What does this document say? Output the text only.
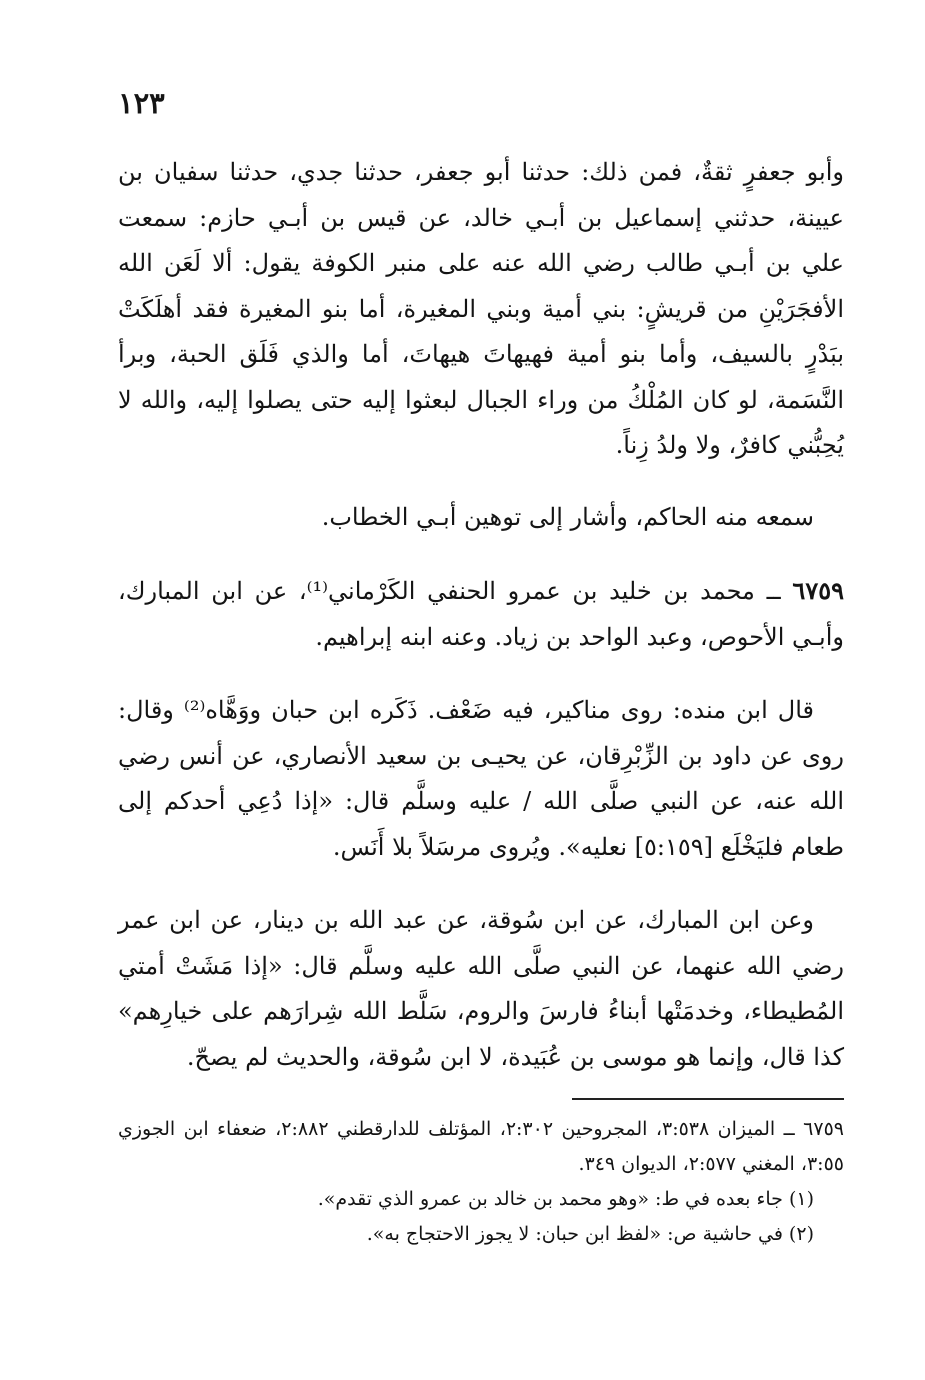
١٢٣

وأبو جعفرٍ ثقةٌ، فمن ذلك: حدثنا أبو جعفر، حدثنا جدي، حدثنا سفيان بن عيينة، حدثني إسماعيل بن أبـي خالد، عن قيس بن أبـي حازم: سمعت علي بن أبـي طالب رضي الله عنه على منبر الكوفة يقول: ألا لَعَن الله الأفجَرَيْنِ من قريشٍ: بني أمية وبني المغيرة، أما بنو المغيرة فقد أهلَكَتْ ببَدْرٍ بالسيف، وأما بنو أمية فهيهاتَ هيهاتَ، أما والذي فَلَق الحبة، وبرأ النَّسَمة، لو كان المُلْكُ من وراء الجبال لبعثوا إليه حتى يصلوا إليه، والله لا يُحِبُّني كافرٌ، ولا ولدُ زِناً.

سمعه منه الحاكم، وأشار إلى توهين أبـي الخطاب.

٦٧٥٩ ــ محمد بن خليد بن عمرو الحنفي الكَرْماني⁽¹⁾، عن ابن المبارك، وأبـي الأحوص، وعبد الواحد بن زياد. وعنه ابنه إبراهيم.

قال ابن منده: روى مناكير، فيه ضَعْف. ذَكَره ابن حبان ووَهَّاه⁽²⁾ وقال: روى عن داود بن الزِّبْرِقان، عن يحيـى بن سعيد الأنصاري، عن أنس رضي الله عنه، عن النبي صلَّى الله / عليه وسلَّم قال: «إذا دُعِي أحدكم إلى طعام فليَخْلَع [٥:١٥٩] نعليه». ويُروى مرسَلاً بلا أَنَس.

وعن ابن المبارك، عن ابن سُوقة، عن عبد الله بن دينار، عن ابن عمر رضي الله عنهما، عن النبي صلَّى الله عليه وسلَّم قال: «إذا مَشَتْ أمتي المُطيطاء، وخدمَتْها أبناءُ فارسَ والروم، سَلَّط الله شِرارَهم على خيارِهم» كذا قال، وإنما هو موسى بن عُبَيدة، لا ابن سُوقة، والحديث لم يصحّ.

٦٧٥٩ ــ الميزان ٣:٥٣٨، المجروحين ٢:٣٠٢، المؤتلف للدارقطني ٢:٨٨٢، ضعفاء ابن الجوزي ٣:٥٥، المغني ٢:٥٧٧، الديوان ٣٤٩.

(١) جاء بعده في ط: «وهو محمد بن خالد بن عمرو الذي تقدم».

(٢) في حاشية ص: «لفظ ابن حبان: لا يجوز الاحتجاج به».
